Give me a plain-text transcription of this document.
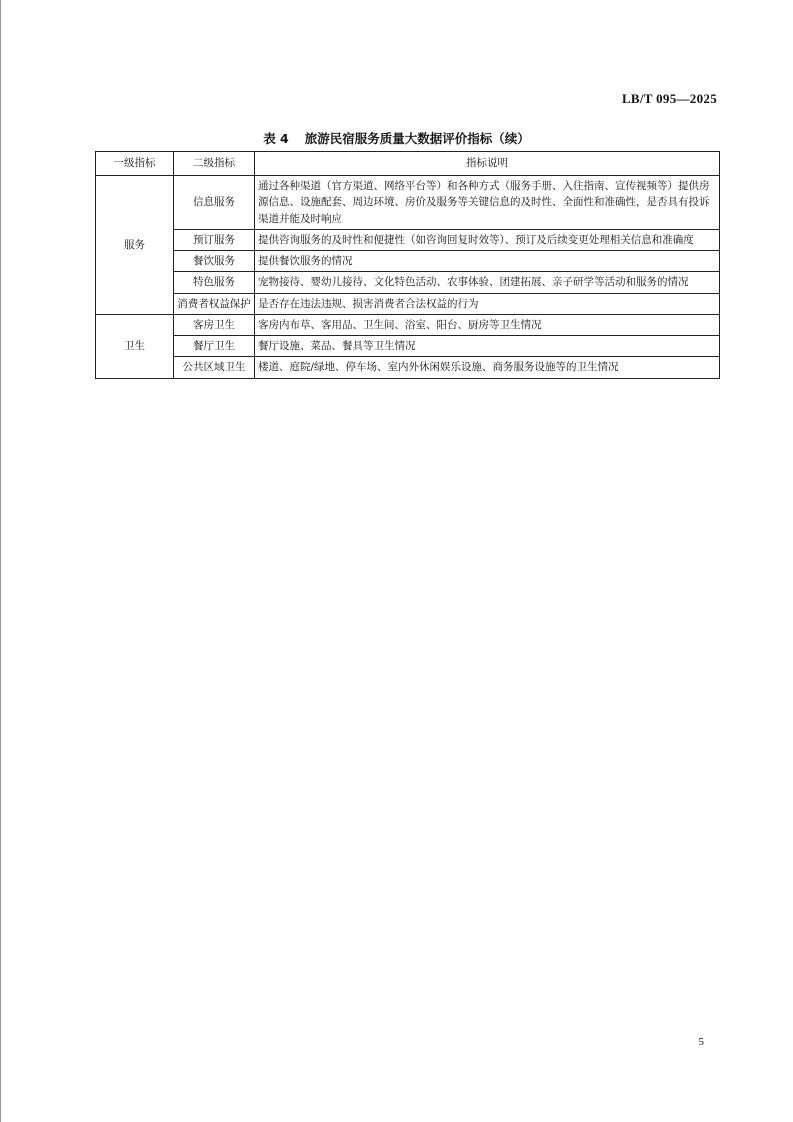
LB/T 095—2025
表 4 旅游民宿服务质量大数据评价指标（续）
一级指标	二级指标	指标说明
服务	信息服务	通过各种渠道（官方渠道、网络平台等）和各种方式（服务手册、入住指南、宣传视频等）提供房源信息、设施配套、周边环境、房价及服务等关键信息的及时性、全面性和准确性，是否具有投诉渠道并能及时响应
	预订服务	提供咨询服务的及时性和便捷性（如咨询回复时效等）、预订及后续变更处理相关信息和准确度
	餐饮服务	提供餐饮服务的情况
	特色服务	宠物接待、婴幼儿接待、文化特色活动、农事体验、团建拓展、亲子研学等活动和服务的情况
	消费者权益保护	是否存在违法违规、损害消费者合法权益的行为
卫生	客房卫生	客房内布草、客用品、卫生间、浴室、阳台、厨房等卫生情况
	餐厅卫生	餐厅设施、菜品、餐具等卫生情况
	公共区域卫生	楼道、庭院/绿地、停车场、室内外休闲娱乐设施、商务服务设施等的卫生情况
5
